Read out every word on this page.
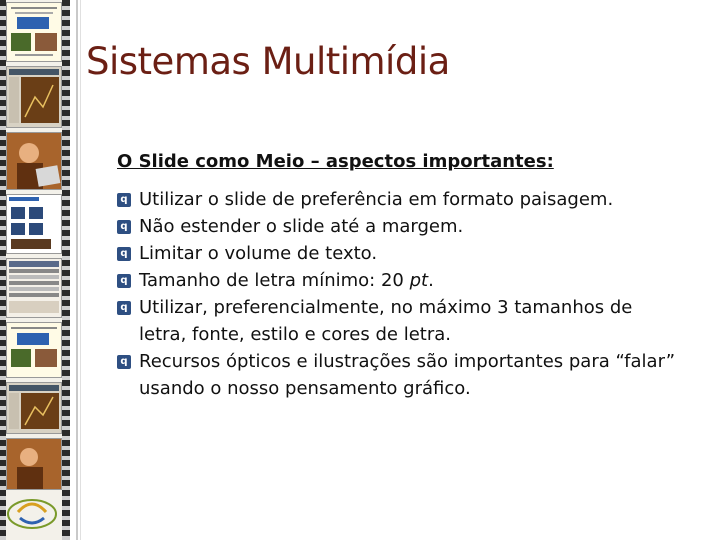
Sistemas Multimídia
O Slide como Meio – aspectos importantes:
q Utilizar o slide de preferência em formato paisagem.
q Não estender o slide até a margem.
q Limitar o volume de texto.
q Tamanho de letra mínimo: 20 pt.
q Utilizar, preferencialmente, no máximo 3 tamanhos de letra, fonte, estilo e cores de letra.
q Recursos ópticos e ilustrações são importantes para “falar” usando o nosso pensamento gráfico.
